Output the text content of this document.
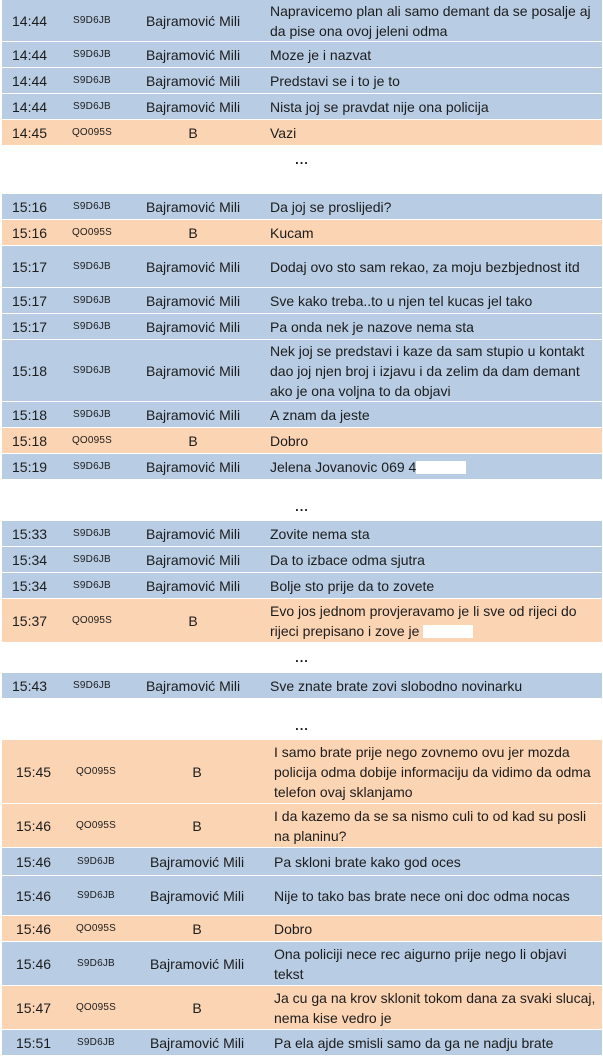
14:44	S9D6JB	Bajramović Mili
Napravicemo plan ali samo demant da se posalje aj da pise ona ovoj jeleni odma
14:44	S9D6JB	Bajramović Mili	Moze je i nazvat
14:44	S9D6JB	Bajramović Mili	Predstavi se i to je to
14:44	S9D6JB	Bajramović Mili	Nista joj se pravdat nije ona policija
14:45	QO095S	B	Vazi
...
15:16	S9D6JB	Bajramović Mili	Da joj se proslijedi?
15:16	QO095S	B	Kucam
15:17	S9D6JB	Bajramović Mili	Dodaj ovo sto sam rekao, za moju bezbjednost itd
15:17	S9D6JB	Bajramović Mili	Sve kako treba..to u njen tel kucas jel tako
15:17	S9D6JB	Bajramović Mili	Pa onda nek je nazove nema sta
15:18	S9D6JB	Bajramović Mili
Nek joj se predstavi i kaze da sam stupio u kontakt dao joj njen broj i izjavu i da zelim da dam demant ako je ona voljna to da objavi
15:18	S9D6JB	Bajramović Mili	A znam da jeste
15:18	QO095S	B	Dobro
15:19	S9D6JB	Bajramović Mili	Jelena Jovanovic 069 4
...
15:33	S9D6JB	Bajramović Mili	Zovite nema sta
15:34	S9D6JB	Bajramović Mili	Da to izbace odma sjutra
15:34	S9D6JB	Bajramović Mili	Bolje sto prije da to zovete
15:37	QO095S	B
Evo jos jednom provjeravamo je li sve od rijeci do rijeci prepisano i zove je
...
15:43	S9D6JB	Bajramović Mili	Sve znate brate zovi slobodno novinarku
...
15:45	QO095S	B
I samo brate prije nego zovnemo ovu jer mozda policija odma dobije informaciju da vidimo da odma telefon ovaj sklanjamo
15:46	QO095S	B
I da kazemo da se sa nismo culi to od kad su posli na planinu?
15:46	S9D6JB	Bajramović Mili	Pa skloni brate kako god oces
15:46	S9D6JB	Bajramović Mili	Nije to tako bas brate nece oni doc odma nocas
15:46	QO095S	B	Dobro
15:46	S9D6JB	Bajramović Mili
Ona policiji nece rec aigurno prije nego li objavi tekst
15:47	QO095S	B
Ja cu ga na krov sklonit tokom dana za svaki slucaj, nema kise vedro je
15:51	S9D6JB	Bajramović Mili	Pa ela ajde smisli samo da ga ne nadju brate
